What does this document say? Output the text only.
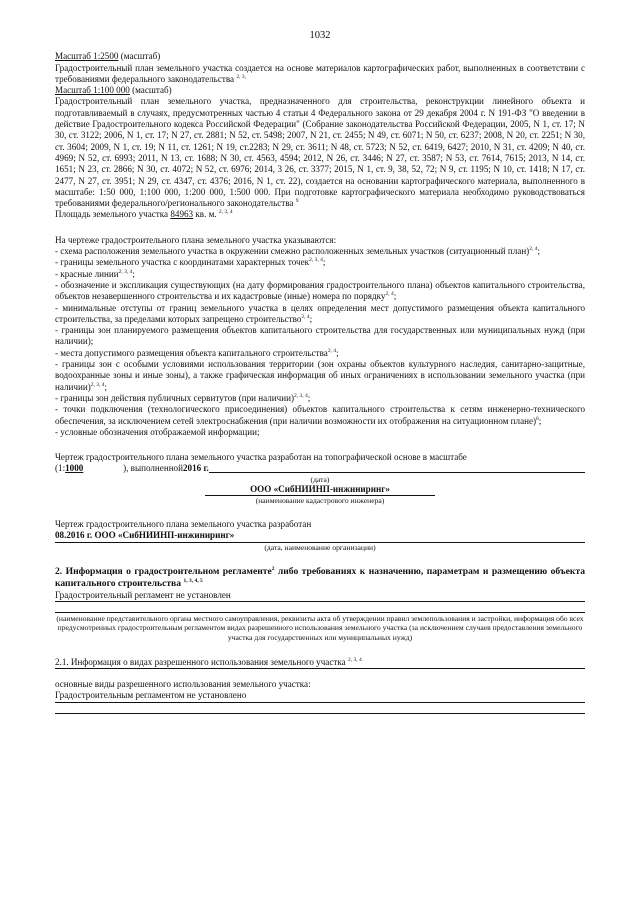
1032
Масштаб 1:2500 (масштаб)
Градостроительный план земельного участка создается на основе материалов картографических работ, выполненных в соответствии с требованиями федерального законодательства $^{2, 3,}$
Масштаб 1:100 000 (масштаб)
Градостроительный план земельного участка, предназначенного для строительства, реконструкции линейного объекта и подготавливаемый в случаях, предусмотренных частью 4 статьи 4 Федерального закона от 29 декабря 2004 г. N 191-ФЗ "О введении в действие Градостроительного кодекса Российской Федерации" (Собрание законодательства Российской Федерации, 2005, N 1, ст. 17; N 30, ст. 3122; 2006, N 1, ст. 17; N 27, ст. 2881; N 52, ст. 5498; 2007, N 21, ст. 2455; N 49, ст. 6071; N 50, ст. 6237; 2008, N 20, ст. 2251; N 30, ст. 3604; 2009, N 1, ст. 19; N 11, ст. 1261; N 19, ст.2283; N 29, ст. 3611; N 48, ст. 5723; N 52, ст. 6419, 6427; 2010, N 31, ст. 4209; N 40, ст. 4969; N 52, ст. 6993; 2011, N 13, ст. 1688; N 30, ст. 4563, 4594; 2012, N 26, ст. 3446; N 27, ст. 3587; N 53, ст. 7614, 7615; 2013, N 14, ст. 1651; N 23, ст. 2866; N 30, ст. 4072; N 52, ст. 6976; 2014, 3 26, ст. 3377; 2015, N 1, ст. 9, 38, 52, 72; N 9, ст. 1195; N 10, ст. 1418; N 17, ст. 2477, N 27, ст. 3951; N 29, ст. 4347, ст. 4376; 2016, N 1, ст. 22), создается на основании картографического материала, выполненного в масштабе: 1:50 000, 1:100 000, 1:200 000, 1:500 000. При подготовке картографического материала необходимо руководствоваться требованиями федерального/регионального законодательства $^9$
Площадь земельного участка 84963 кв. м. $^{2, 3, 4}$
На чертеже градостроительного плана земельного участка указываются:
- схема расположения земельного участка в окружении смежно расположенных земельных участков (ситуационный план)$^{2, 4}$;
- границы земельного участка с координатами характерных точек$^{2, 3, 4}$;
- красные линии$^{2, 3, 4}$;
- обозначение и экспликация существующих (на дату формирования градостроительного плана) объектов капитального строительства, объектов незавершенного строительства и их кадастровые (иные) номера по порядку$^{2, 4}$;
- минимальные отступы от границ земельного участка в целях определения мест допустимого размещения объекта капитального строительства, за пределами которых запрещено строительство$^{2, 4}$;
- границы зон планируемого размещения объектов капитального строительства для государственных или муниципальных нужд (при наличии);
- места допустимого размещения объекта капитального строительства$^{2, 4}$;
- границы зон с особыми условиями использования территории (зон охраны объектов культурного наследия, санитарно-защитные, водоохранные зоны и иные зоны), а также графическая информация об иных ограничениях в использовании земельного участка (при наличии)$^{2, 3, 4}$;
- границы зон действия публичных сервитутов (при наличии)$^{2, 3, 4}$;
- точки подключения (технологического присоединения) объектов капитального строительства к сетям инженерно-технического обеспечения, за исключением сетей электроснабжения (при наличии возможности их отображения на ситуационном плане)$^6$;
- условные обозначения отображаемой информации;
Чертеж градостроительного плана земельного участка разработан на топографической основе в масштабе
(1: 1000	), выполненной 2016 г.
(дата)
ООО «СибНИИНП-инжиниринг»
(наименование кадастрового инженера)
Чертеж градостроительного плана земельного участка разработан
08.2016 г. ООО «СибНИИНП-инжиниринг»
(дата, наименование организации)
2. Информация о градостроительном регламенте$^2$ либо требованиях к назначению, параметрам и размещению объекта капитального строительства $^{1, 3, 4, 5}$
Градостроительный регламент не установлен
(наименование представительного органа местного самоуправления, реквизиты акта об утверждении правил землепользования и застройки, информация обо всех предусмотренных градостроительным регламентом видах разрешенного использования земельного участка (за исключением случаев предоставления земельного участка для государственных или муниципальных нужд)
2.1. Информация о видах разрешенного использования земельного участка $^{2, 3, 4}$
основные виды разрешенного использования земельного участка:
Градостроительным регламентом не установлено
